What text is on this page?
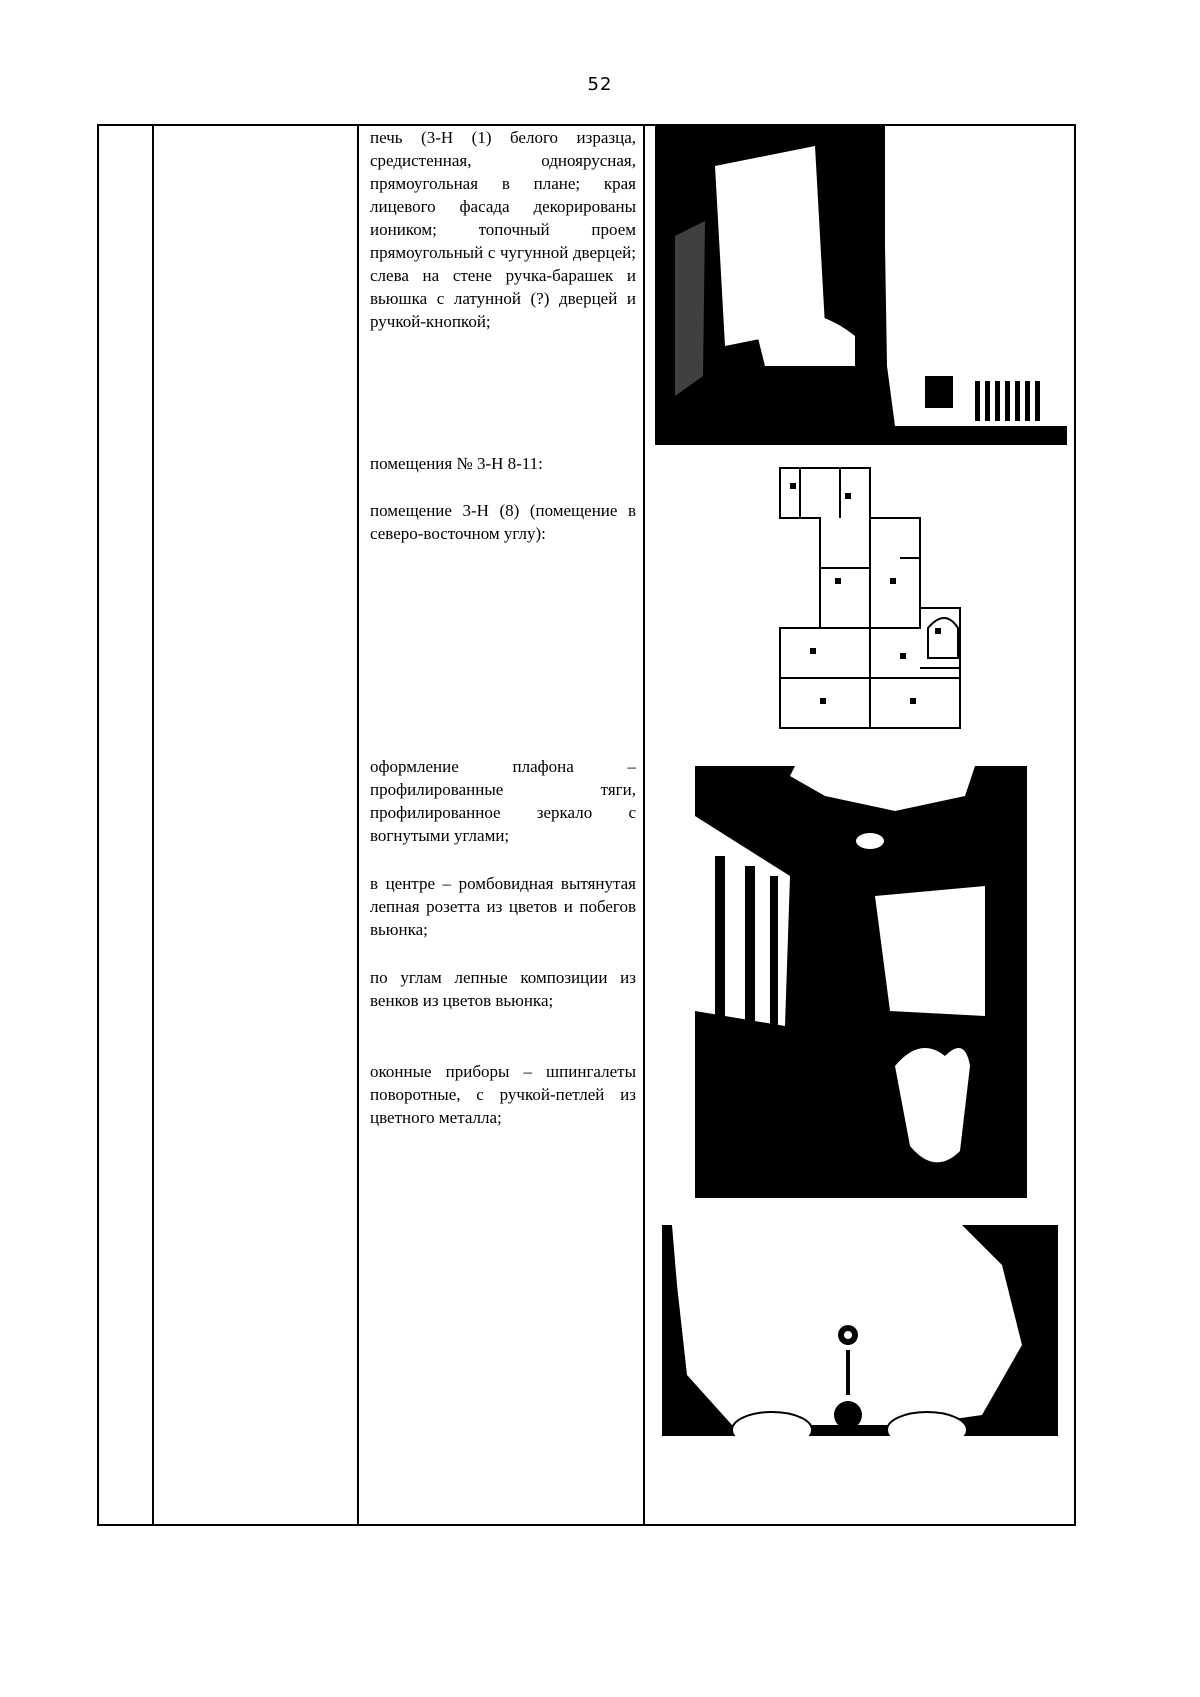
52
печь (3-Н (1) белого изразца, средистенная, одноярусная, прямоугольная в плане; края лицевого фасада декорированы иоником; топочный проем прямоугольный с чугунной дверцей; слева на стене ручка-барашек и вьюшка с латунной (?) дверцей и ручкой-кнопкой;
помещения № 3-Н 8-11:
помещение 3-Н (8) (помещение в северо-восточном углу):
оформление плафона – профилированные тяги, профилированное зеркало с вогнутыми углами;
в центре – ромбовидная вытянутая лепная розетта из цветов и побегов вьюнка;
по углам лепные композиции из венков из цветов вьюнка;
оконные приборы – шпингалеты поворотные, с ручкой-петлей из цветного металла;
